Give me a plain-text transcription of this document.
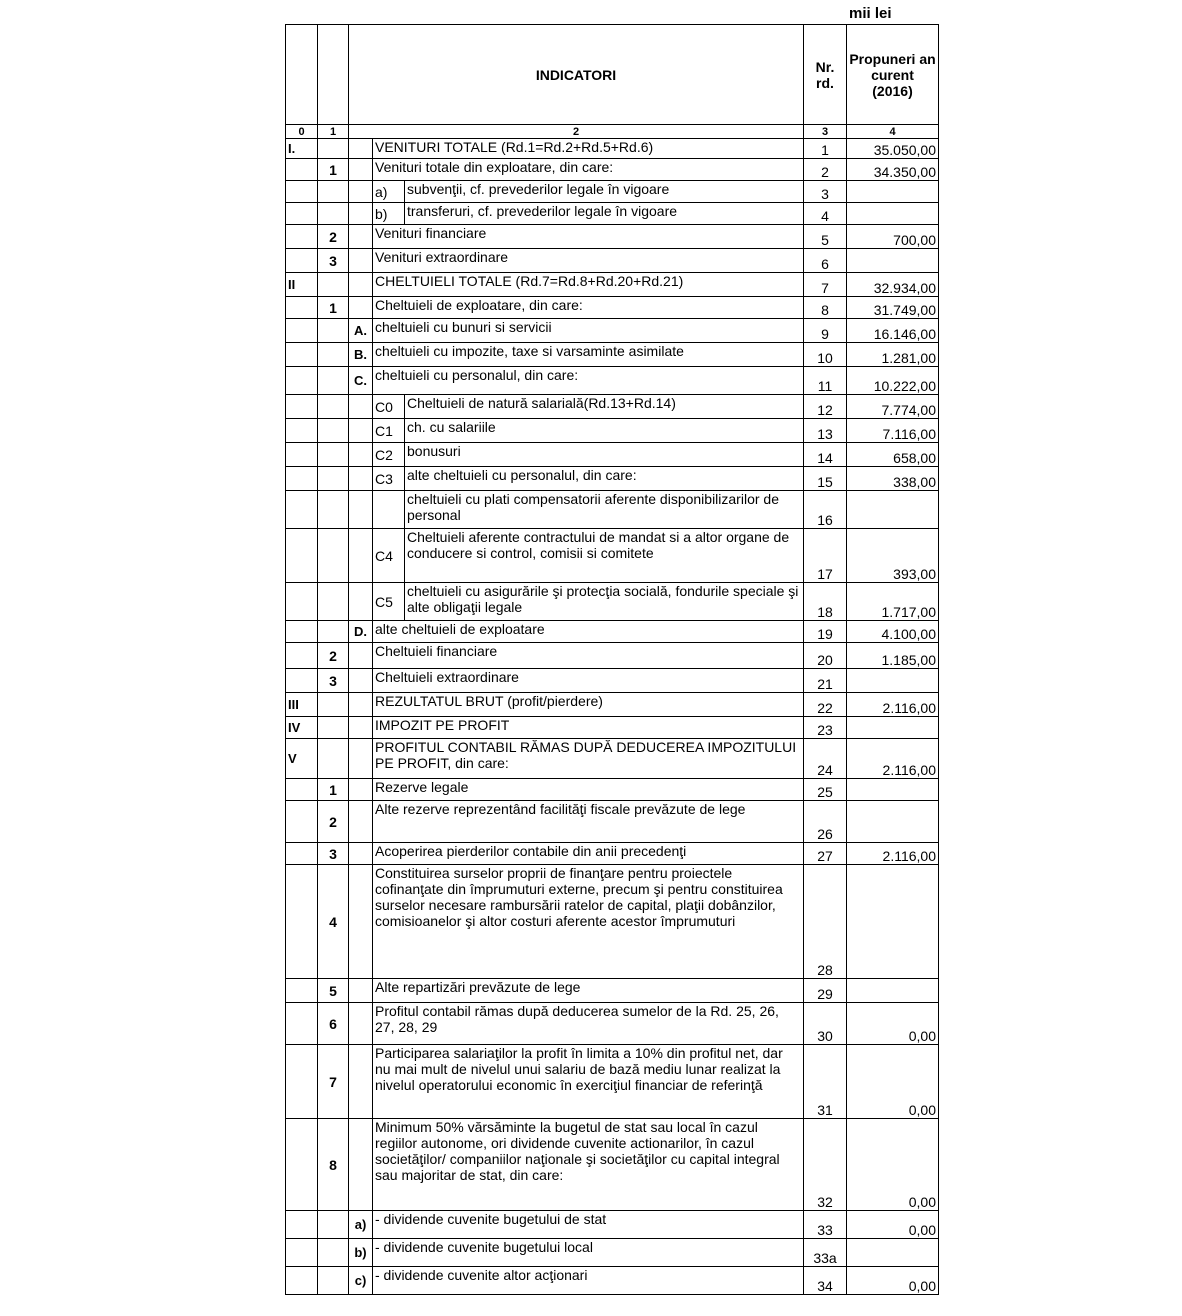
mii lei
		INDICATORI			Nr. rd.	Propuneri an curent (2016)
0	1	2			3	4
I.			VENITURI TOTALE (Rd.1=Rd.2+Rd.5+Rd.6)		1	35.050,00
	1		Venituri totale din exploatare, din care:		2	34.350,00
			a)	subvenţii, cf. prevederilor legale în vigoare	3	
			b)	transferuri, cf. prevederilor legale în vigoare	4	
	2		Venituri financiare		5	700,00
	3		Venituri extraordinare		6	
II			CHELTUIELI TOTALE (Rd.7=Rd.8+Rd.20+Rd.21)		7	32.934,00
	1		Cheltuieli de exploatare, din care:		8	31.749,00
		A.	cheltuieli cu bunuri si servicii		9	16.146,00
		B.	cheltuieli cu impozite, taxe si varsaminte asimilate		10	1.281,00
		C.	cheltuieli cu personalul, din care:		11	10.222,00
			C0	Cheltuieli de natură salarială(Rd.13+Rd.14)	12	7.774,00
			C1	ch. cu salariile	13	7.116,00
			C2	bonusuri	14	658,00
			C3	alte cheltuieli cu personalul, din care:	15	338,00
				cheltuieli cu plati compensatorii aferente disponibilizarilor de personal	16	
			C4	Cheltuieli aferente contractului de mandat si a altor organe de conducere si control, comisii si comitete	17	393,00
			C5	cheltuieli cu asigurările şi protecţia socială, fondurile speciale şi alte obligaţii legale	18	1.717,00
		D.	alte cheltuieli de exploatare		19	4.100,00
	2		Cheltuieli financiare		20	1.185,00
	3		Cheltuieli extraordinare		21	
III			REZULTATUL BRUT (profit/pierdere)		22	2.116,00
IV			IMPOZIT PE PROFIT		23	
V			PROFITUL CONTABIL RĂMAS DUPĂ DEDUCEREA IMPOZITULUI PE PROFIT, din care:		24	2.116,00
	1		Rezerve legale		25	
	2		Alte rezerve reprezentând facilităţi fiscale prevăzute de lege		26	
	3		Acoperirea pierderilor contabile din anii precedenţi		27	2.116,00
	4		Constituirea surselor proprii de finanţare pentru proiectele cofinanţate din împrumuturi externe, precum şi pentru constituirea surselor necesare rambursării ratelor de capital, plaţii dobânzilor, comisioanelor şi altor costuri aferente acestor împrumuturi		28	
	5		Alte repartizări prevăzute de lege		29	
	6		Profitul contabil rămas după deducerea sumelor de la Rd. 25, 26, 27, 28, 29		30	0,00
	7		Participarea salariaţilor la profit în limita a 10% din profitul net, dar nu mai mult de nivelul unui salariu de bază mediu lunar realizat la nivelul operatorului economic în exerciţiul financiar de referinţă		31	0,00
	8		Minimum 50% vărsăminte la bugetul de stat sau local în cazul regiilor autonome, ori dividende cuvenite actionarilor, în cazul societăţilor/ companiilor naţionale şi societăţilor cu capital integral sau majoritar de stat, din care:		32	0,00
		a)	- dividende cuvenite bugetului de stat		33	0,00
		b)	- dividende cuvenite bugetului local		33a	
		c)	- dividende cuvenite altor acţionari		34	0,00
